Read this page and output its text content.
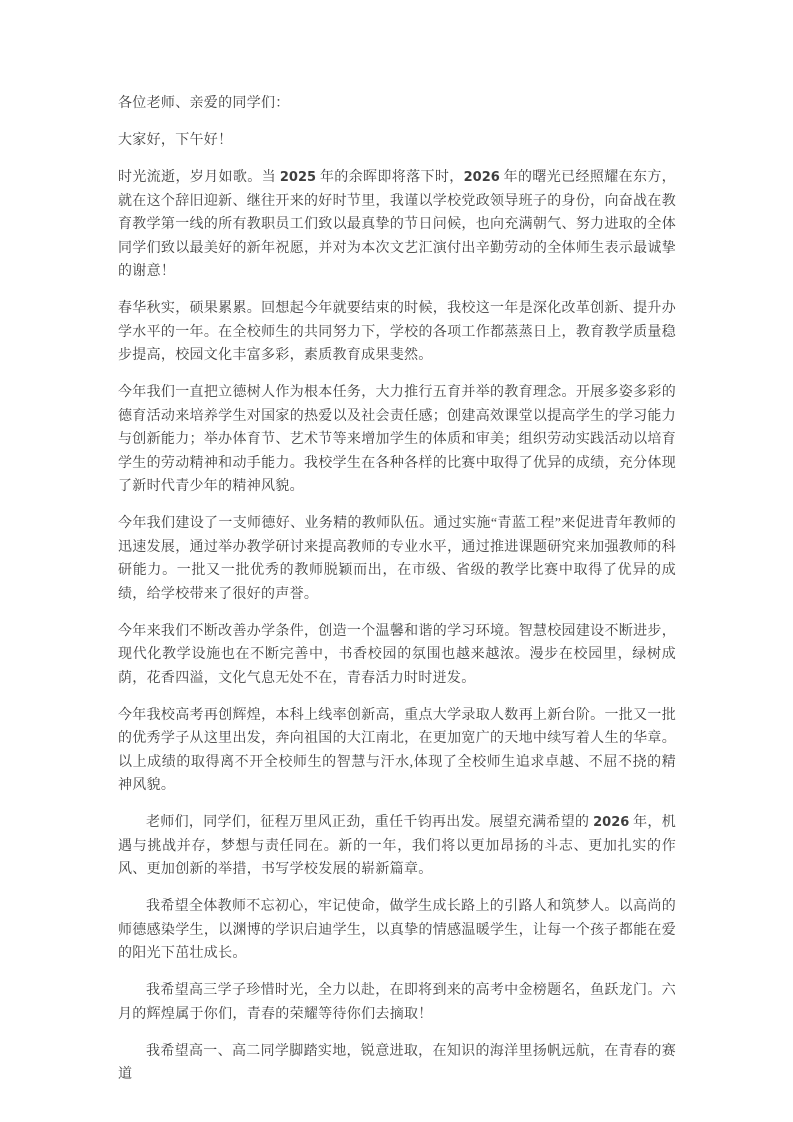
各位老师、亲爱的同学们：

大家好，下午好！

时光流逝，岁月如歌。当 2025 年的余晖即将落下时，2026 年的曙光已经照耀在东方，就在这个辞旧迎新、继往开来的好时节里，我谨以学校党政领导班子的身份，向奋战在教育教学第一线的所有教职员工们致以最真挚的节日问候，也向充满朝气、努力进取的全体同学们致以最美好的新年祝愿，并对为本次文艺汇演付出辛勤劳动的全体师生表示最诚挚的谢意！

春华秋实，硕果累累。回想起今年就要结束的时候，我校这一年是深化改革创新、提升办学水平的一年。在全校师生的共同努力下，学校的各项工作都蒸蒸日上，教育教学质量稳步提高，校园文化丰富多彩，素质教育成果斐然。

今年我们一直把立德树人作为根本任务，大力推行五育并举的教育理念。开展多姿多彩的德育活动来培养学生对国家的热爱以及社会责任感；创建高效课堂以提高学生的学习能力与创新能力；举办体育节、艺术节等来增加学生的体质和审美；组织劳动实践活动以培育学生的劳动精神和动手能力。我校学生在各种各样的比赛中取得了优异的成绩，充分体现了新时代青少年的精神风貌。

今年我们建设了一支师德好、业务精的教师队伍。通过实施“青蓝工程”来促进青年教师的迅速发展，通过举办教学研讨来提高教师的专业水平，通过推进课题研究来加强教师的科研能力。一批又一批优秀的教师脱颖而出，在市级、省级的教学比赛中取得了优异的成绩，给学校带来了很好的声誉。

今年来我们不断改善办学条件，创造一个温馨和谐的学习环境。智慧校园建设不断进步，现代化教学设施也在不断完善中，书香校园的氛围也越来越浓。漫步在校园里，绿树成荫，花香四溢，文化气息无处不在，青春活力时时迸发。

今年我校高考再创辉煌，本科上线率创新高，重点大学录取人数再上新台阶。一批又一批的优秀学子从这里出发，奔向祖国的大江南北，在更加宽广的天地中续写着人生的华章。以上成绩的取得离不开全校师生的智慧与汗水,体现了全校师生追求卓越、不屈不挠的精神风貌。

老师们，同学们，征程万里风正劲，重任千钧再出发。展望充满希望的 2026 年，机遇与挑战并存，梦想与责任同在。新的一年，我们将以更加昂扬的斗志、更加扎实的作风、更加创新的举措，书写学校发展的崭新篇章。

我希望全体教师不忘初心，牢记使命，做学生成长路上的引路人和筑梦人。以高尚的师德感染学生，以渊博的学识启迪学生，以真挚的情感温暖学生，让每一个孩子都能在爱的阳光下茁壮成长。

我希望高三学子珍惜时光，全力以赴，在即将到来的高考中金榜题名，鱼跃龙门。六月的辉煌属于你们，青春的荣耀等待你们去摘取！

我希望高一、高二同学脚踏实地，锐意进取，在知识的海洋里扬帆远航，在青春的赛道
